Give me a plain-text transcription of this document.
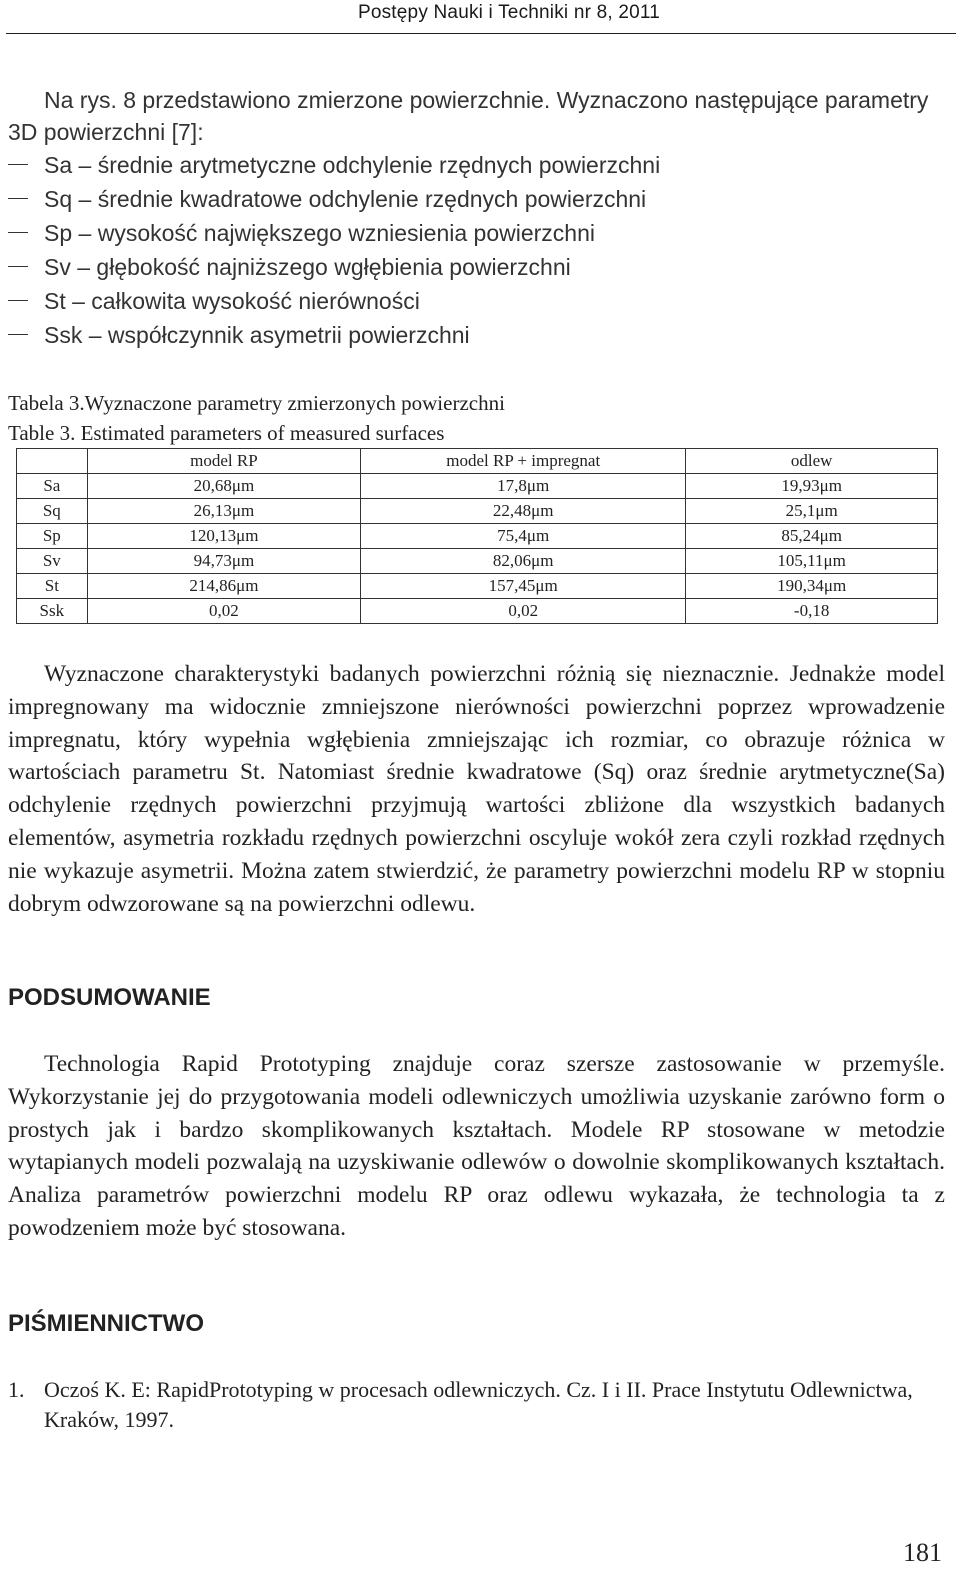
Postępy Nauki i Techniki nr 8, 2011

Na rys. 8 przedstawiono zmierzone powierzchnie. Wyznaczono następujące parametry 3D powierzchni [7]:

Sa – średnie arytmetyczne odchylenie rzędnych powierzchni
Sq – średnie kwadratowe odchylenie rzędnych powierzchni
Sp – wysokość największego wzniesienia powierzchni
Sv – głębokość najniższego wgłębienia powierzchni
St – całkowita wysokość nierówności
Ssk – współczynnik asymetrii powierzchni
Tabela 3.Wyznaczone parametry zmierzonych powierzchni
Table 3. Estimated parameters of measured surfaces
	model RP	model RP + impregnat	odlew
Sa	20,68μm	17,8μm	19,93μm
Sq	26,13μm	22,48μm	25,1μm
Sp	120,13μm	75,4μm	85,24μm
Sv	94,73μm	82,06μm	105,11μm
St	214,86μm	157,45μm	190,34μm
Ssk	0,02	0,02	-0,18

Wyznaczone charakterystyki badanych powierzchni różnią się nieznacznie. Jednakże model impregnowany ma widocznie zmniejszone nierówności powierzchni poprzez wprowadzenie impregnatu, który wypełnia wgłębienia zmniejszając ich rozmiar, co obrazuje różnica w wartościach parametru St. Natomiast średnie kwadratowe (Sq) oraz średnie arytmetyczne(Sa) odchylenie rzędnych powierzchni przyjmują wartości zbliżone dla wszystkich badanych elementów, asymetria rozkładu rzędnych powierzchni oscyluje wokół zera czyli rozkład rzędnych nie wykazuje asymetrii. Można zatem stwierdzić, że parametry powierzchni modelu RP w stopniu dobrym odwzorowane są na powierzchni odlewu.

PODSUMOWANIE

Technologia Rapid Prototyping znajduje coraz szersze zastosowanie w przemyśle. Wykorzystanie jej do przygotowania modeli odlewniczych umożliwia uzyskanie zarówno form o prostych jak i bardzo skomplikowanych kształtach. Modele RP stosowane w metodzie wytapianych modeli pozwalają na uzyskiwanie odlewów o dowolnie skomplikowanych kształtach. Analiza parametrów powierzchni modelu RP oraz odlewu wykazała, że technologia ta z powodzeniem może być stosowana.

PIŚMIENNICTWO
1. Oczoś K. E: RapidPrototyping w procesach odlewniczych. Cz. I i II. Prace Instytutu Odlewnictwa, Kraków, 1997.
181
